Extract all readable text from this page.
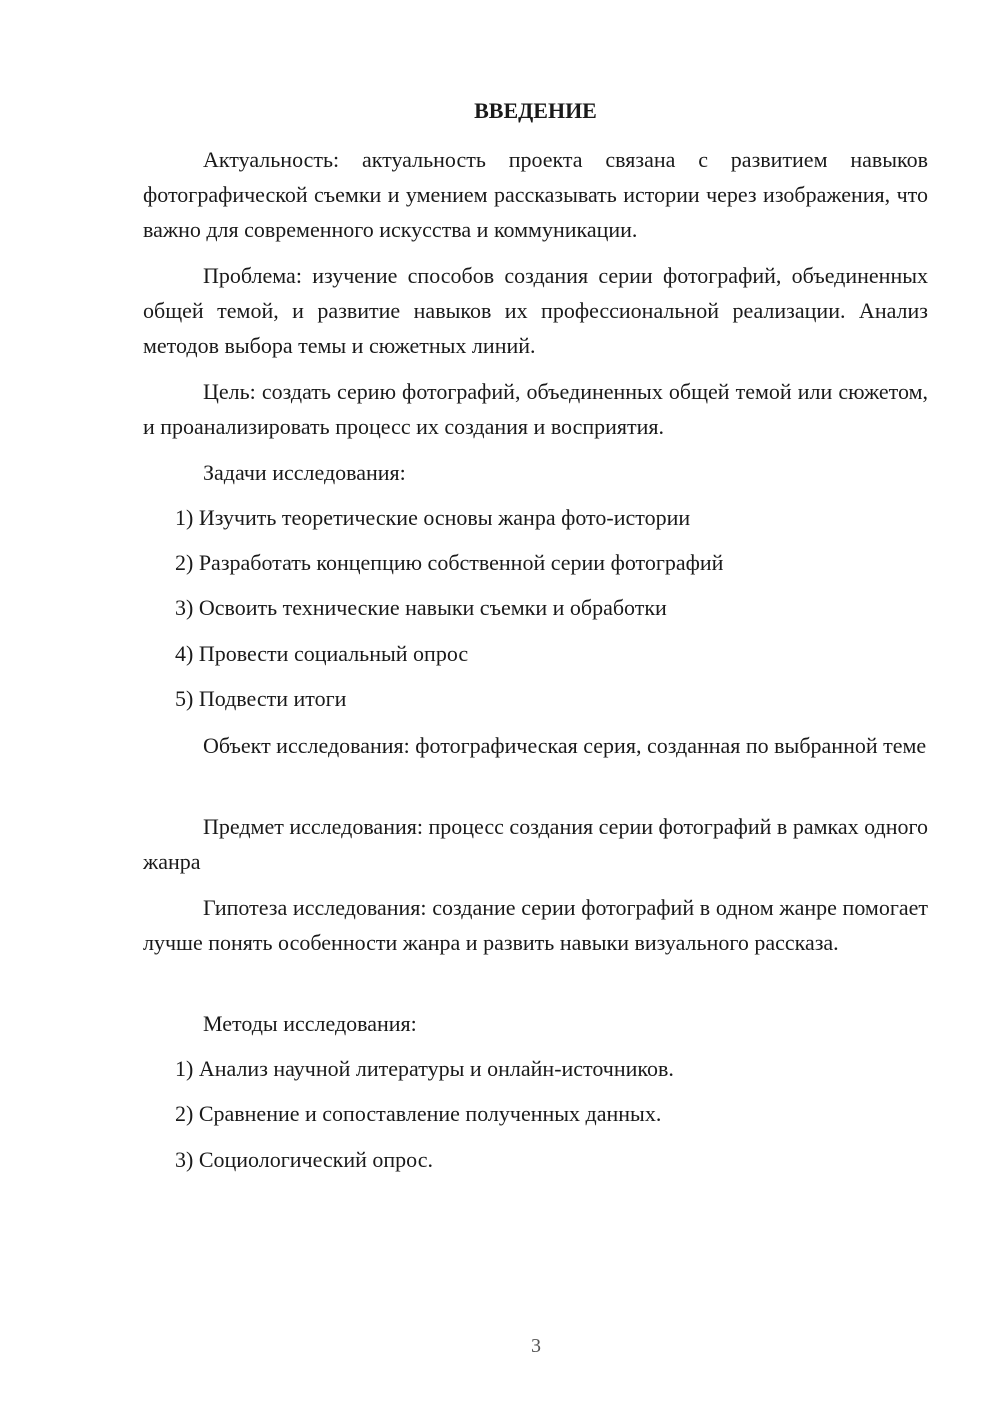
ВВЕДЕНИЕ

Актуальность: актуальность проекта связана с развитием навыков фотографической съемки и умением рассказывать истории через изображения, что важно для современного искусства и коммуникации.

Проблема: изучение способов создания серии фотографий, объединенных общей темой, и развитие навыков их профессиональной реализации. Анализ методов выбора темы и сюжетных линий.

Цель: создать серию фотографий, объединенных общей темой или сюжетом, и проанализировать процесс их создания и восприятия.

Задачи исследования:

1) Изучить теоретические основы жанра фото-истории

2) Разработать концепцию собственной серии фотографий

3) Освоить технические навыки съемки и обработки

4) Провести социальный опрос

5) Подвести итоги

Объект исследования: фотографическая серия, созданная по выбранной теме

Предмет исследования: процесс создания серии фотографий в рамках одного жанра

Гипотеза исследования: создание серии фотографий в одном жанре помогает лучше понять особенности жанра и развить навыки визуального рассказа.

Методы исследования:

1) Анализ научной литературы и онлайн-источников.

2) Сравнение и сопоставление полученных данных.

3) Социологический опрос.

3
